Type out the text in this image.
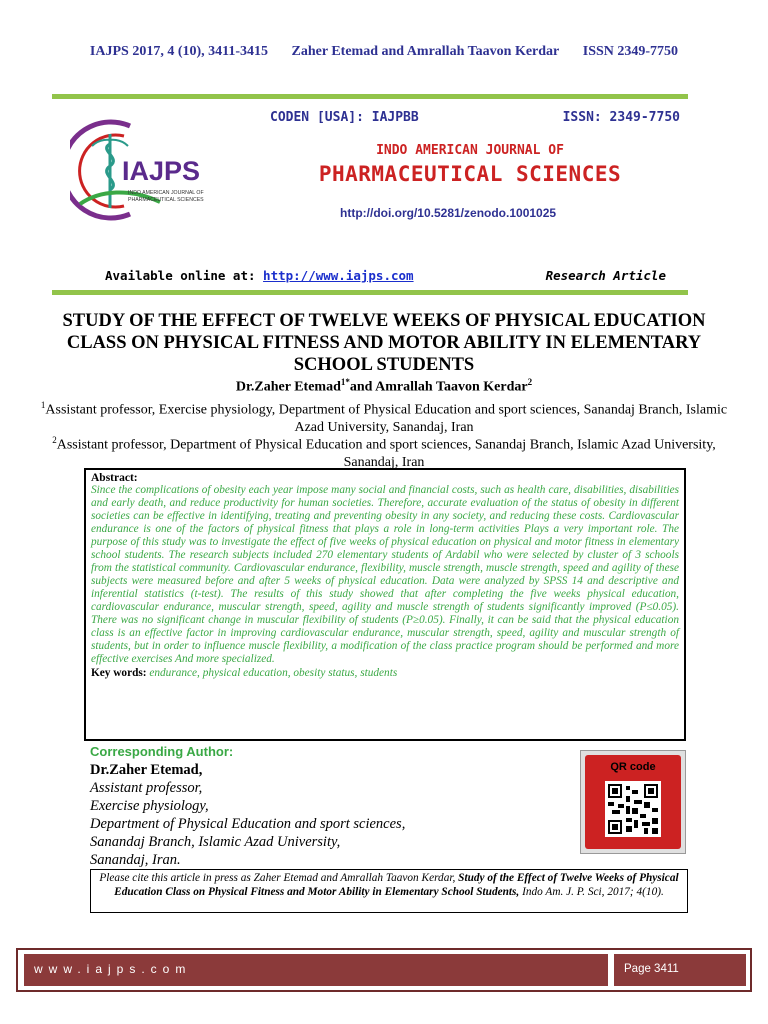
IAJPS 2017, 4 (10), 3411-3415 Zaher Etemad and Amrallah Taavon Kerdar ISSN 2349-7750
IAJPS
INDO AMERICAN JOURNAL OF
PHARMACEUTICAL SCIENCES
CODEN [USA]: IAJPBB	ISSN: 2349-7750
INDO AMERICAN JOURNAL OF
PHARMACEUTICAL SCIENCES
http://doi.org/10.5281/zenodo.1001025
Available online at: http://www.iajps.com	Research Article
STUDY OF THE EFFECT OF TWELVE WEEKS OF PHYSICAL EDUCATION CLASS ON PHYSICAL FITNESS AND MOTOR ABILITY IN ELEMENTARY SCHOOL STUDENTS
Dr.Zaher Etemad$^{1*}$and Amrallah Taavon Kerdar$^2$
$^1$Assistant professor, Exercise physiology, Department of Physical Education and sport sciences, Sanandaj Branch, Islamic Azad University, Sanandaj, Iran
$^2$Assistant professor, Department of Physical Education and sport sciences, Sanandaj Branch, Islamic Azad University, Sanandaj, Iran
Abstract:
Since the complications of obesity each year impose many social and financial costs, such as health care, disabilities, disabilities and early death, and reduce productivity for human societies. Therefore, accurate evaluation of the status of obesity in different societies can be effective in identifying, treating and preventing obesity in any society, and reducing these costs. Cardiovascular endurance is one of the factors of physical fitness that plays a role in long-term activities Plays a very important role. The purpose of this study was to investigate the effect of five weeks of physical education on physical and motor fitness in elementary school students. The research subjects included 270 elementary students of Ardabil who were selected by cluster of 3 schools from the statistical community. Cardiovascular endurance, flexibility, muscle strength, muscle strength, speed and agility of these subjects were measured before and after 5 weeks of physical education. Data were analyzed by SPSS 14 and descriptive and inferential statistics (t-test). The results of this study showed that after completing the five weeks physical education, cardiovascular endurance, muscular strength, speed, agility and muscle strength of students significantly improved (P≤0.05). There was no significant change in muscular flexibility of students (P≥0.05). Finally, it can be said that the physical education class is an effective factor in improving cardiovascular endurance, muscular strength, speed, agility and muscular strength of students, but in order to influence muscle flexibility, a modification of the class practice program should be performed and more effective exercises And more specialized.
Key words: endurance, physical education, obesity status, students
Corresponding Author:
Dr.Zaher Etemad,
Assistant professor,
Exercise physiology,
Department of Physical Education and sport sciences,
Sanandaj Branch, Islamic Azad University,
Sanandaj, Iran.
QR code
Please cite this article in press as Zaher Etemad and Amrallah Taavon Kerdar, Study of the Effect of Twelve Weeks of Physical Education Class on Physical Fitness and Motor Ability in Elementary School Students, Indo Am. J. P. Sci, 2017; 4(10).
www.iajps.com	Page 3411
